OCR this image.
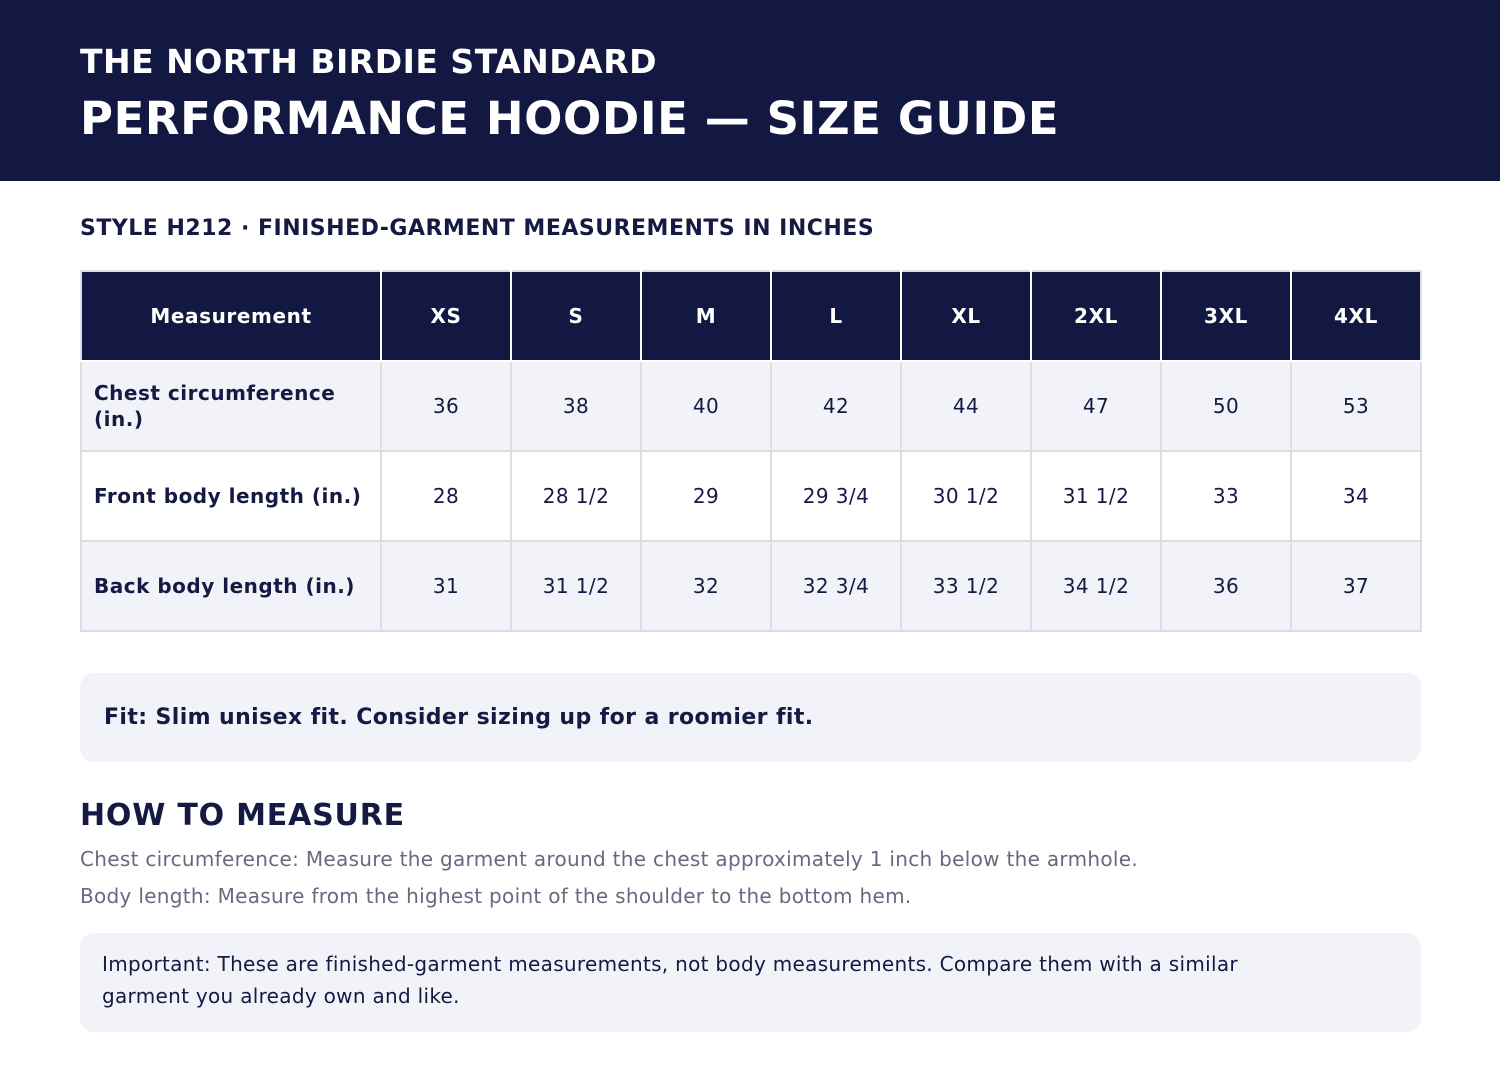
THE NORTH BIRDIE STANDARD
PERFORMANCE HOODIE — SIZE GUIDE
STYLE H212 · FINISHED-GARMENT MEASUREMENTS IN INCHES
Measurement	XS	S	M	L	XL	2XL	3XL	4XL
Chest circumference (in.)	36	38	40	42	44	47	50	53
Front body length (in.)	28	28 1/2	29	29 3/4	30 1/2	31 1/2	33	34
Back body length (in.)	31	31 1/2	32	32 3/4	33 1/2	34 1/2	36	37
Fit: Slim unisex fit. Consider sizing up for a roomier fit.
HOW TO MEASURE
Chest circumference: Measure the garment around the chest approximately 1 inch below the armhole.
Body length: Measure from the highest point of the shoulder to the bottom hem.
Important: These are finished-garment measurements, not body measurements. Compare them with a similar garment you already own and like.
